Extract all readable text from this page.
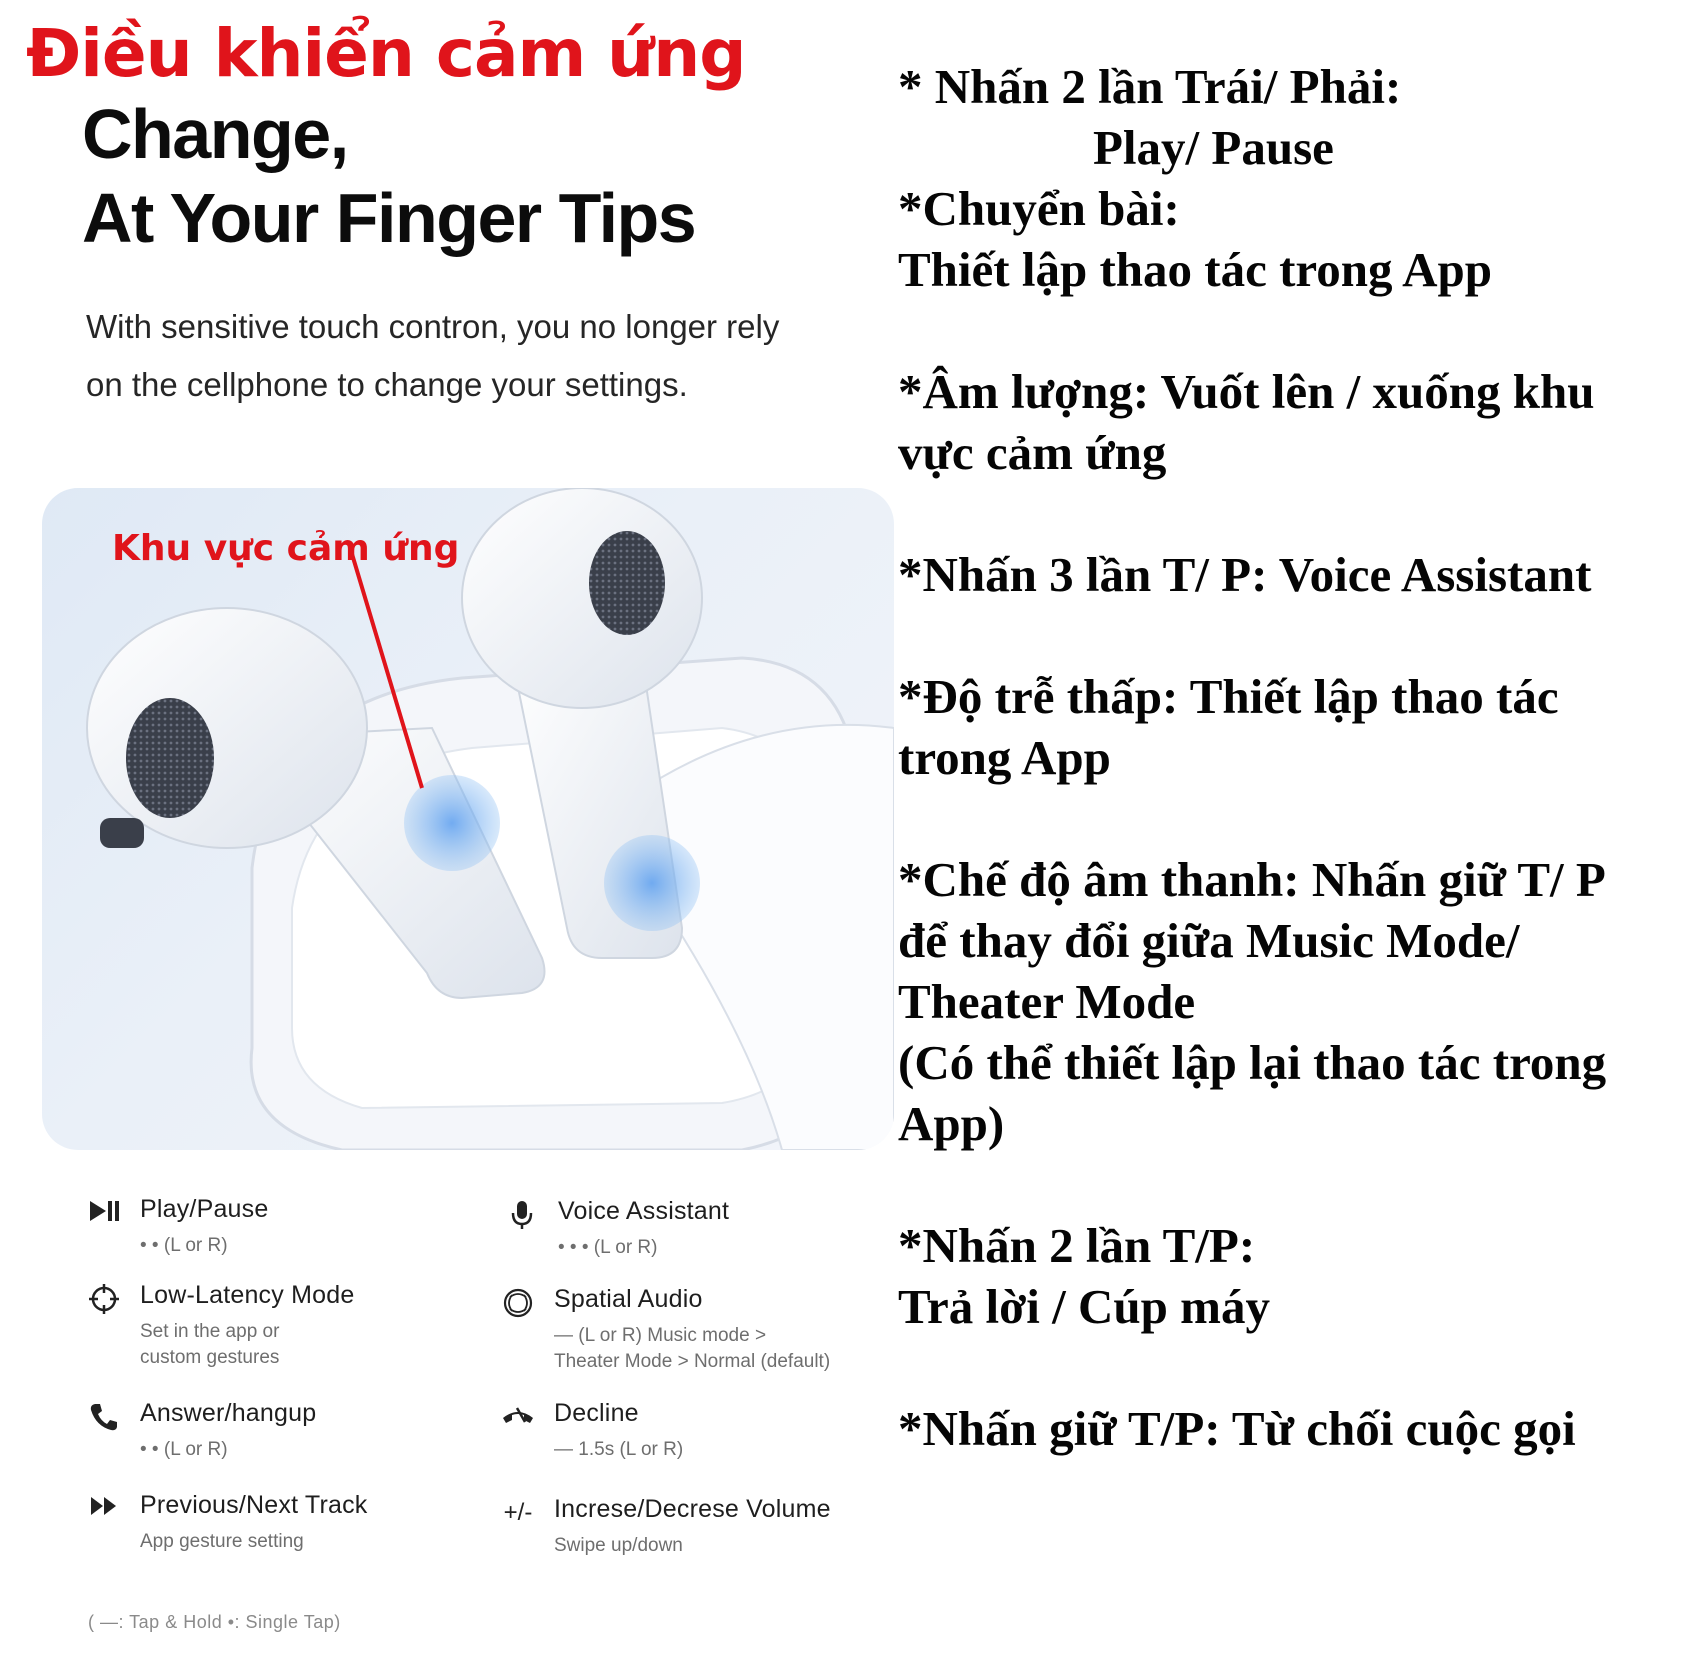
Điều khiển cảm ứng
Change,
At Your Finger Tips
With sensitive touch contron, you no longer rely
on the cellphone to change your settings.
Khu vực cảm ứng
Play/Pause
• • (L or R)
Low-Latency Mode
Set in the app or
custom gestures
Answer/hangup
• • (L or R)
Previous/Next Track
App gesture setting
Voice Assistant
• • • (L or R)
Spatial Audio
— (L or R) Music mode >
Theater Mode > Normal (default)
Decline
— 1.5s (L or R)
+/- Increse/Decrese Volume
Swipe up/down
( —: Tap & Hold •: Single Tap)

* Nhấn 2 lần Trái/ Phải:

Play/ Pause

*Chuyển bài:

Thiết lập thao tác trong App

*Âm lượng: Vuốt lên / xuống khu

vực cảm ứng

*Nhấn 3 lần T/ P: Voice Assistant

*Độ trễ thấp: Thiết lập thao tác

trong App

*Chế độ âm thanh: Nhấn giữ T/ P

để thay đổi giữa Music Mode/

Theater Mode

(Có thể thiết lập lại thao tác trong

App)

*Nhấn 2 lần T/P:

Trả lời / Cúp máy

*Nhấn giữ T/P: Từ chối cuộc gọi
